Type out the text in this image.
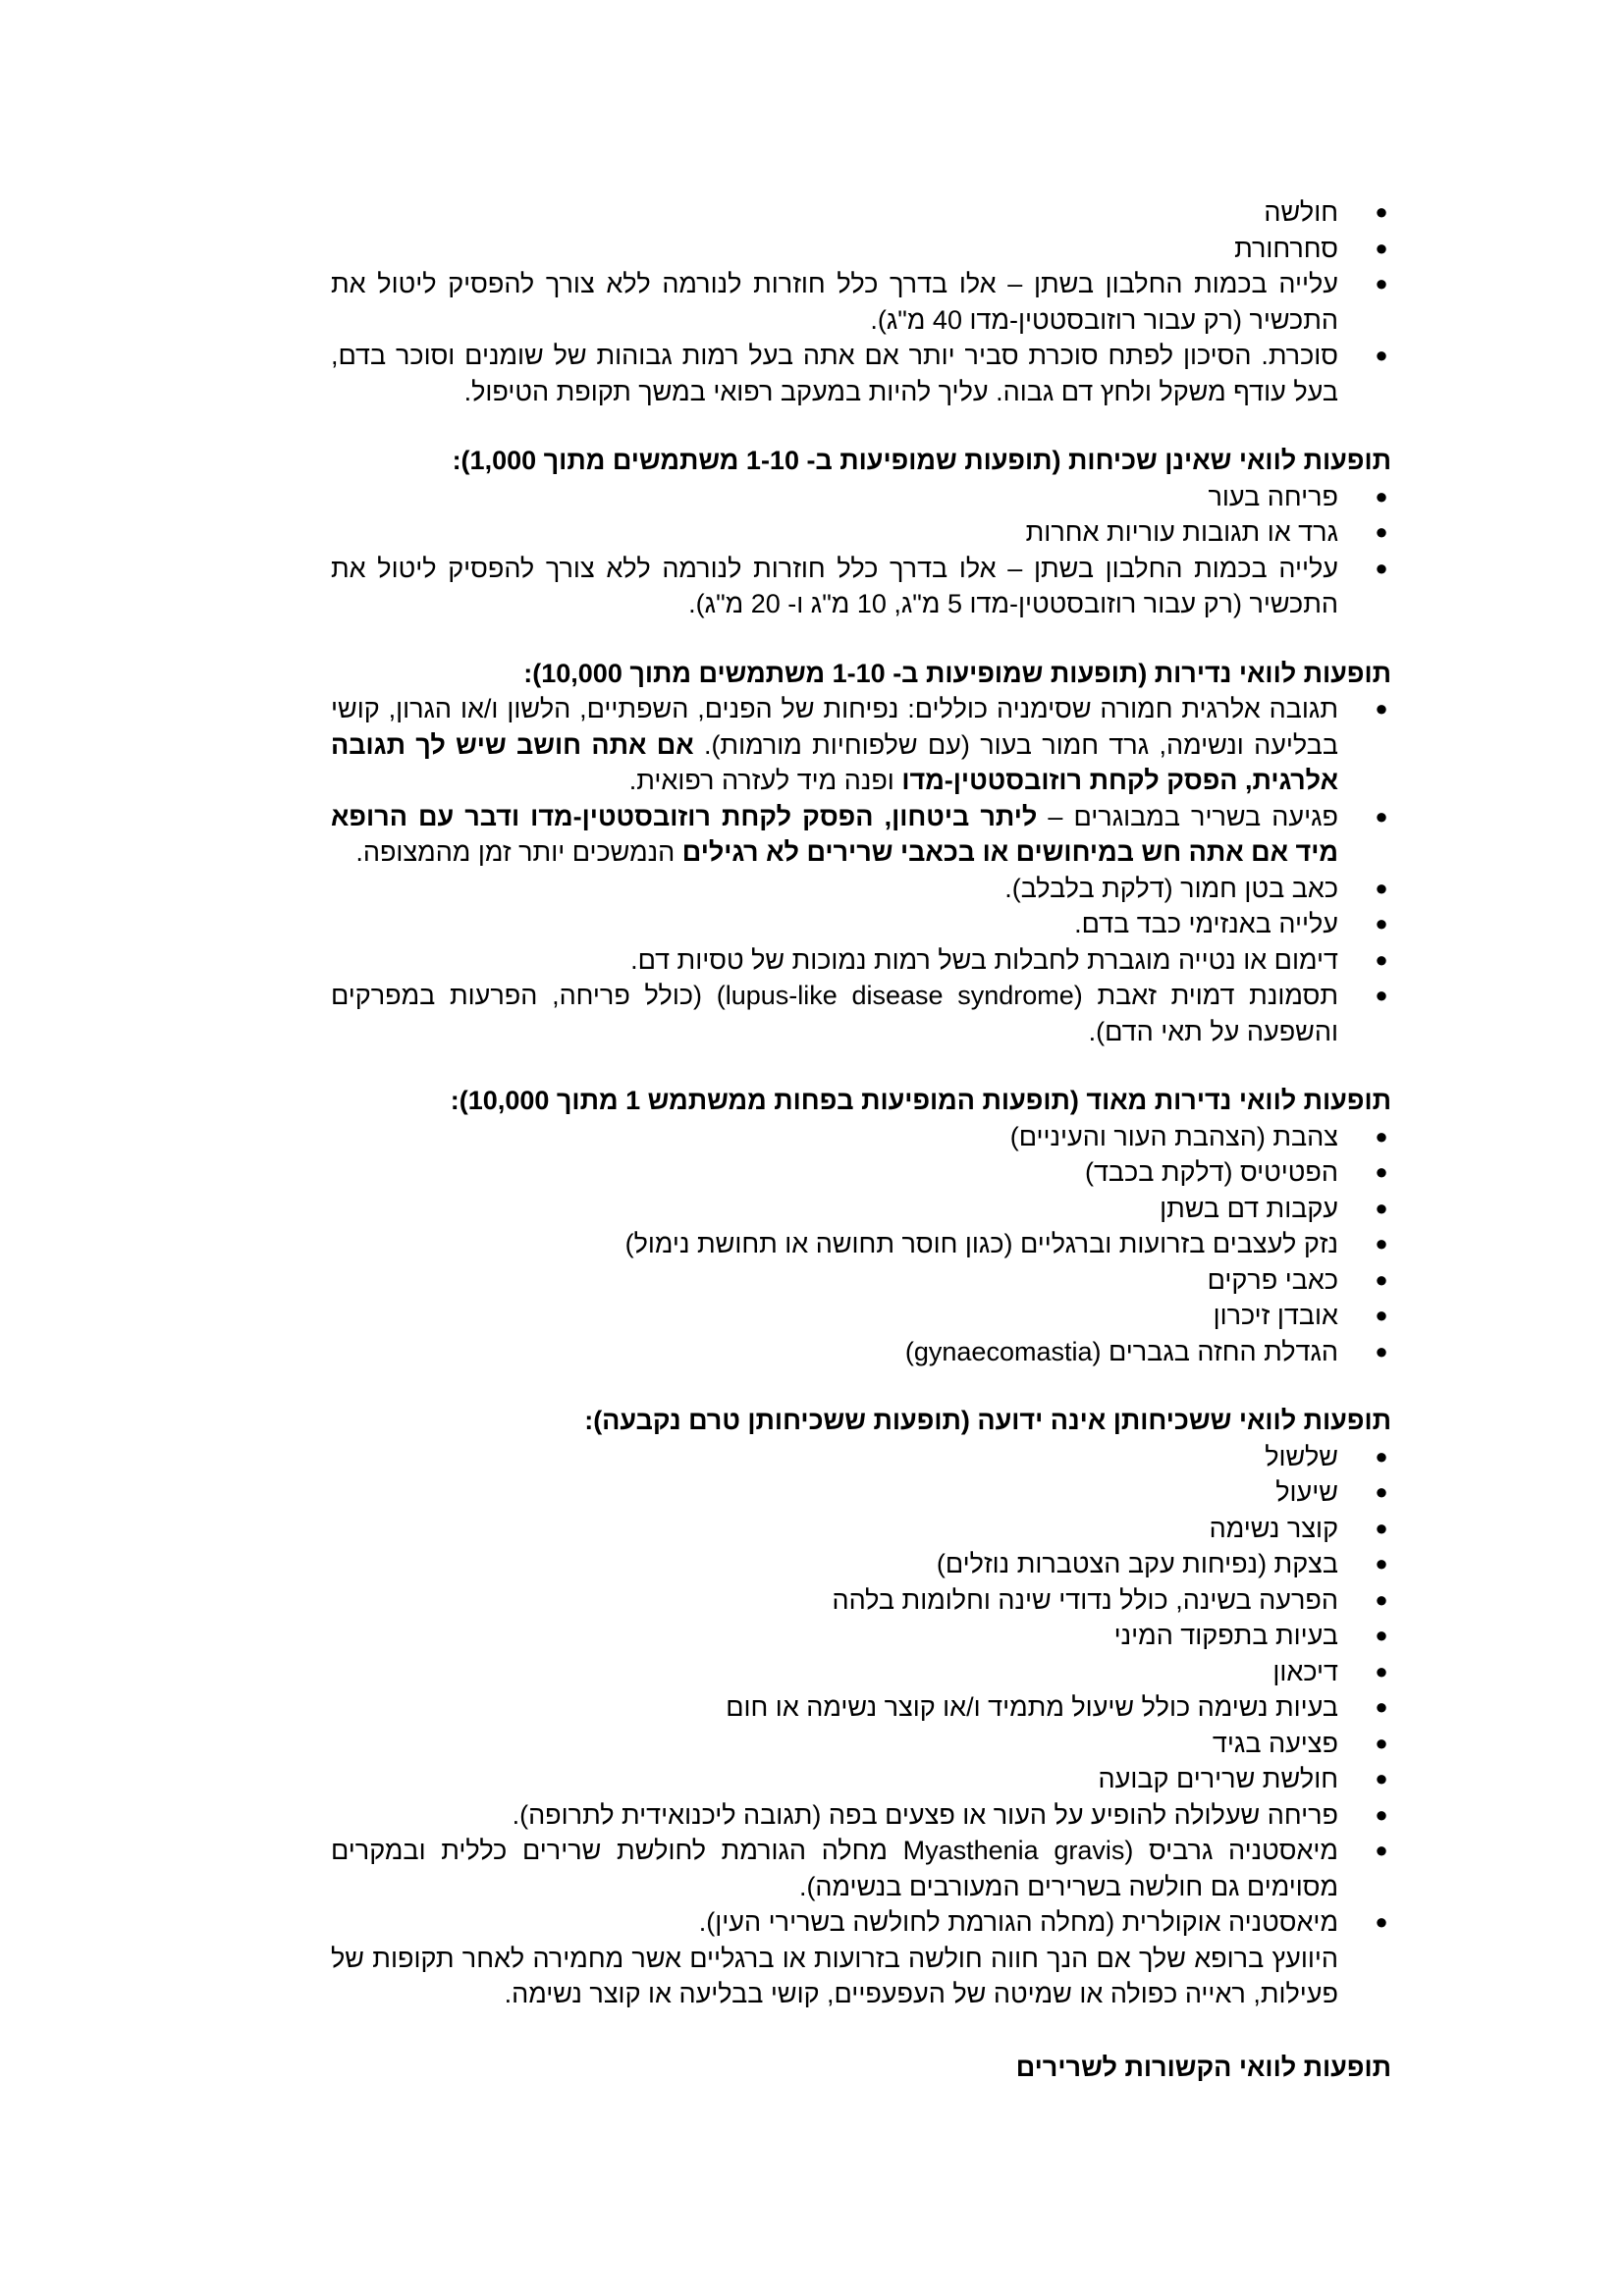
●
חולשה
●
סחרחורת
●
עלייה בכמות החלבון בשתן – אלו בדרך כלל חוזרות לנורמה ללא צורך להפסיק ליטול את התכשיר (רק עבור רוזובסטטין-מדו 40 מ"ג).
●
סוכרת. הסיכון לפתח סוכרת סביר יותר אם אתה בעל רמות גבוהות של שומנים וסוכר בדם, בעל עודף משקל ולחץ דם גבוה. עליך להיות במעקב רפואי במשך תקופת הטיפול.

תופעות לוואי שאינן שכיחות (תופעות שמופיעות ב- 1-10 משתמשים מתוך 1,000):

●
פריחה בעור
●
גרד או תגובות עוריות אחרות
●
עלייה בכמות החלבון בשתן – אלו בדרך כלל חוזרות לנורמה ללא צורך להפסיק ליטול את התכשיר (רק עבור רוזובסטטין-מדו 5 מ"ג, 10 מ"ג ו- 20 מ"ג).

תופעות לוואי נדירות (תופעות שמופיעות ב- 1-10 משתמשים מתוך 10,000):

●
תגובה אלרגית חמורה שסימניה כוללים: נפיחות של הפנים, השפתיים, הלשון ו/או הגרון, קושי בבליעה ונשימה, גרד חמור בעור (עם שלפוחיות מורמות). אם אתה חושב שיש לך תגובה אלרגית, הפסק לקחת רוזובסטטין-מדו ופנה מיד לעזרה רפואית.
●
פגיעה בשריר במבוגרים – ליתר ביטחון, הפסק לקחת רוזובסטטין-מדו ודבר עם הרופא מיד אם אתה חש במיחושים או בכאבי שרירים לא רגילים הנמשכים יותר זמן מהמצופה.
●
כאב בטן חמור (דלקת בלבלב).
●
עלייה באנזימי כבד בדם.
●
דימום או נטייה מוגברת לחבלות בשל רמות נמוכות של טסיות דם.
●
תסמונת דמוית זאבת (lupus-like disease syndrome) (כולל פריחה, הפרעות במפרקים והשפעה על תאי הדם).

תופעות לוואי נדירות מאוד (תופעות המופיעות בפחות ממשתמש 1 מתוך 10,000):

●
צהבת (הצהבת העור והעיניים)
●
הפטיטיס (דלקת בכבד)
●
עקבות דם בשתן
●
נזק לעצבים בזרועות וברגליים (כגון חוסר תחושה או תחושת נימול)
●
כאבי פרקים
●
אובדן זיכרון
●
הגדלת החזה בגברים (gynaecomastia)

תופעות לוואי ששכיחותן אינה ידועה (תופעות ששכיחותן טרם נקבעה):

●
שלשול
●
שיעול
●
קוצר נשימה
●
בצקת (נפיחות עקב הצטברות נוזלים)
●
הפרעה בשינה, כולל נדודי שינה וחלומות בלהה
●
בעיות בתפקוד המיני
●
דיכאון
●
בעיות נשימה כולל שיעול מתמיד ו/או קוצר נשימה או חום
●
פציעה בגיד
●
חולשת שרירים קבועה
●
פריחה שעלולה להופיע על העור או פצעים בפה (תגובה ליכנואידית לתרופה).
●
מיאסטניה גרביס (Myasthenia gravis מחלה הגורמת לחולשת שרירים כללית ובמקרים מסוימים גם חולשה בשרירים המעורבים בנשימה).
●
מיאסטניה אוקולרית (מחלה הגורמת לחולשה בשרירי העין).
היוועץ ברופא שלך אם הנך חווה חולשה בזרועות או ברגליים אשר מחמירה לאחר תקופות של פעילות, ראייה כפולה או שמיטה של העפעפיים, קושי בבליעה או קוצר נשימה.

תופעות לוואי הקשורות לשרירים
